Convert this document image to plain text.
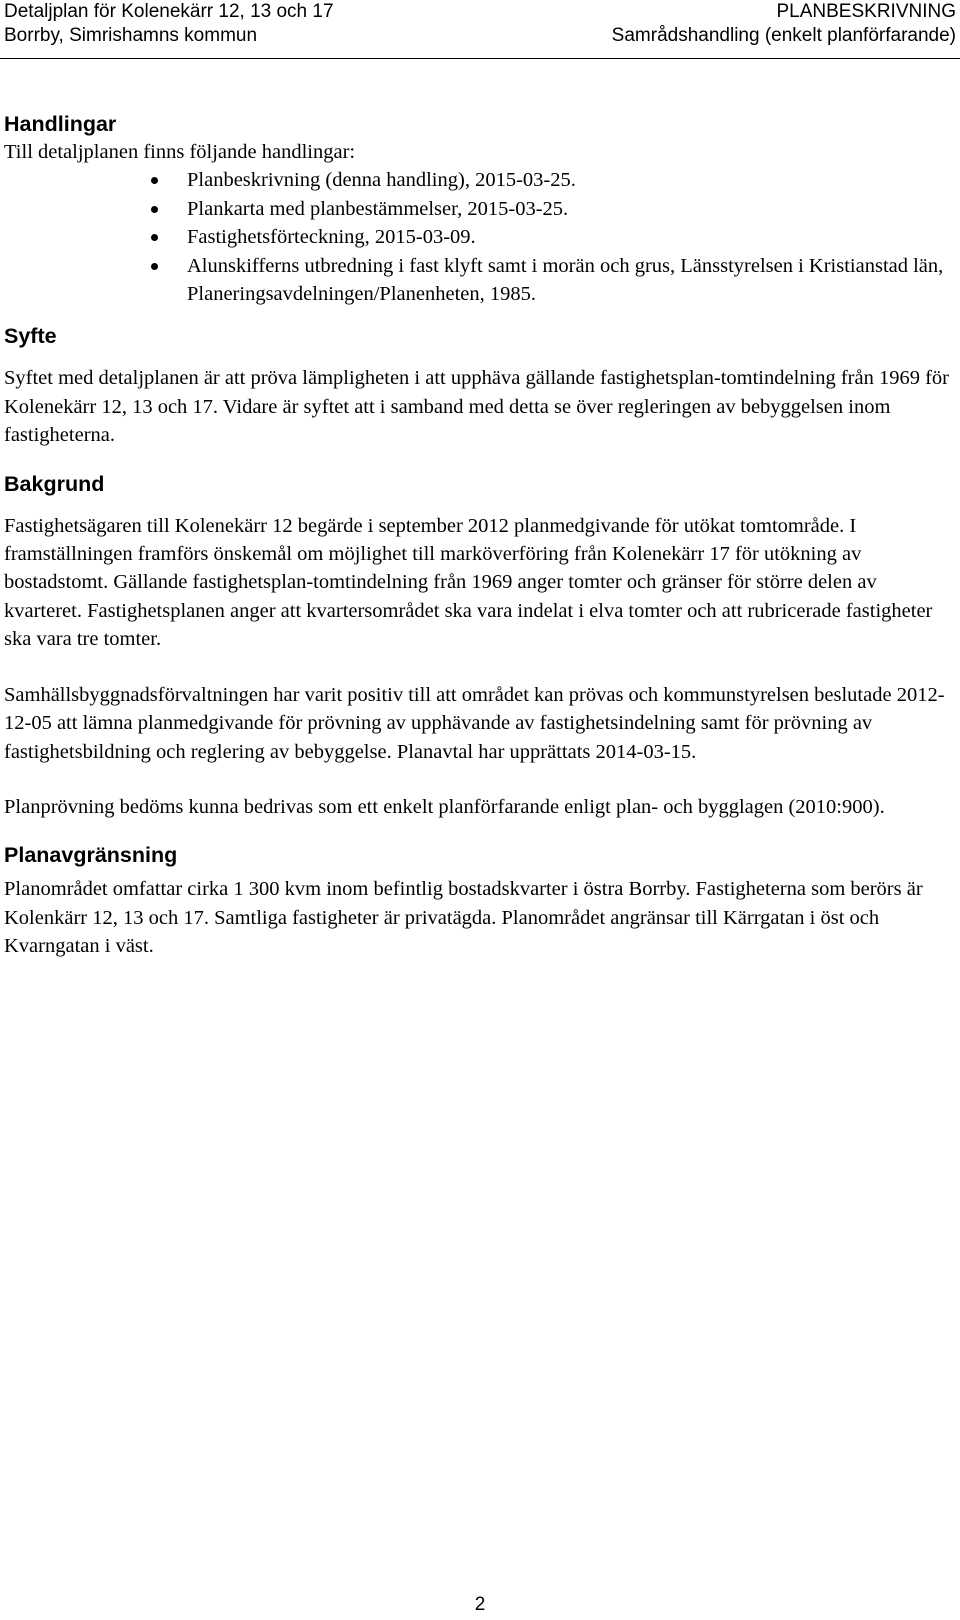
Detaljplan för Kolenekärr 12, 13 och 17
Borrby, Simrishamns kommun
PLANBESKRIVNING
Samrådshandling (enkelt planförfarande)
Handlingar

Till detaljplanen finns följande handlingar:

Planbeskrivning (denna handling), 2015-03-25.
Plankarta med planbestämmelser, 2015-03-25.
Fastighetsförteckning, 2015-03-09.
Alunskifferns utbredning i fast klyft samt i morän och grus, Länsstyrelsen i Kristianstad län, Planeringsavdelningen/Planenheten, 1985.
Syfte

Syftet med detaljplanen är att pröva lämpligheten i att upphäva gällande fastighetsplan-tomtindelning från 1969 för Kolenekärr 12, 13 och 17. Vidare är syftet att i samband med detta se över regleringen av bebyggelsen inom fastigheterna.

Bakgrund

Fastighetsägaren till Kolenekärr 12 begärde i september 2012 planmedgivande för utökat tomtområde. I framställningen framförs önskemål om möjlighet till marköverföring från Kolenekärr 17 för utökning av bostadstomt. Gällande fastighetsplan-tomtindelning från 1969 anger tomter och gränser för större delen av kvarteret. Fastighetsplanen anger att kvartersområdet ska vara indelat i elva tomter och att rubricerade fastigheter ska vara tre tomter.

Samhällsbyggnadsförvaltningen har varit positiv till att området kan prövas och kommunstyrelsen beslutade 2012-12-05 att lämna planmedgivande för prövning av upphävande av fastighetsindelning samt för prövning av fastighetsbildning och reglering av bebyggelse. Planavtal har upprättats 2014-03-15.

Planprövning bedöms kunna bedrivas som ett enkelt planförfarande enligt plan- och bygglagen (2010:900).

Planavgränsning

Planområdet omfattar cirka 1 300 kvm inom befintlig bostadskvarter i östra Borrby. Fastigheterna som berörs är Kolenkärr 12, 13 och 17. Samtliga fastigheter är privatägda. Planområdet angränsar till Kärrgatan i öst och Kvarngatan i väst.

2
